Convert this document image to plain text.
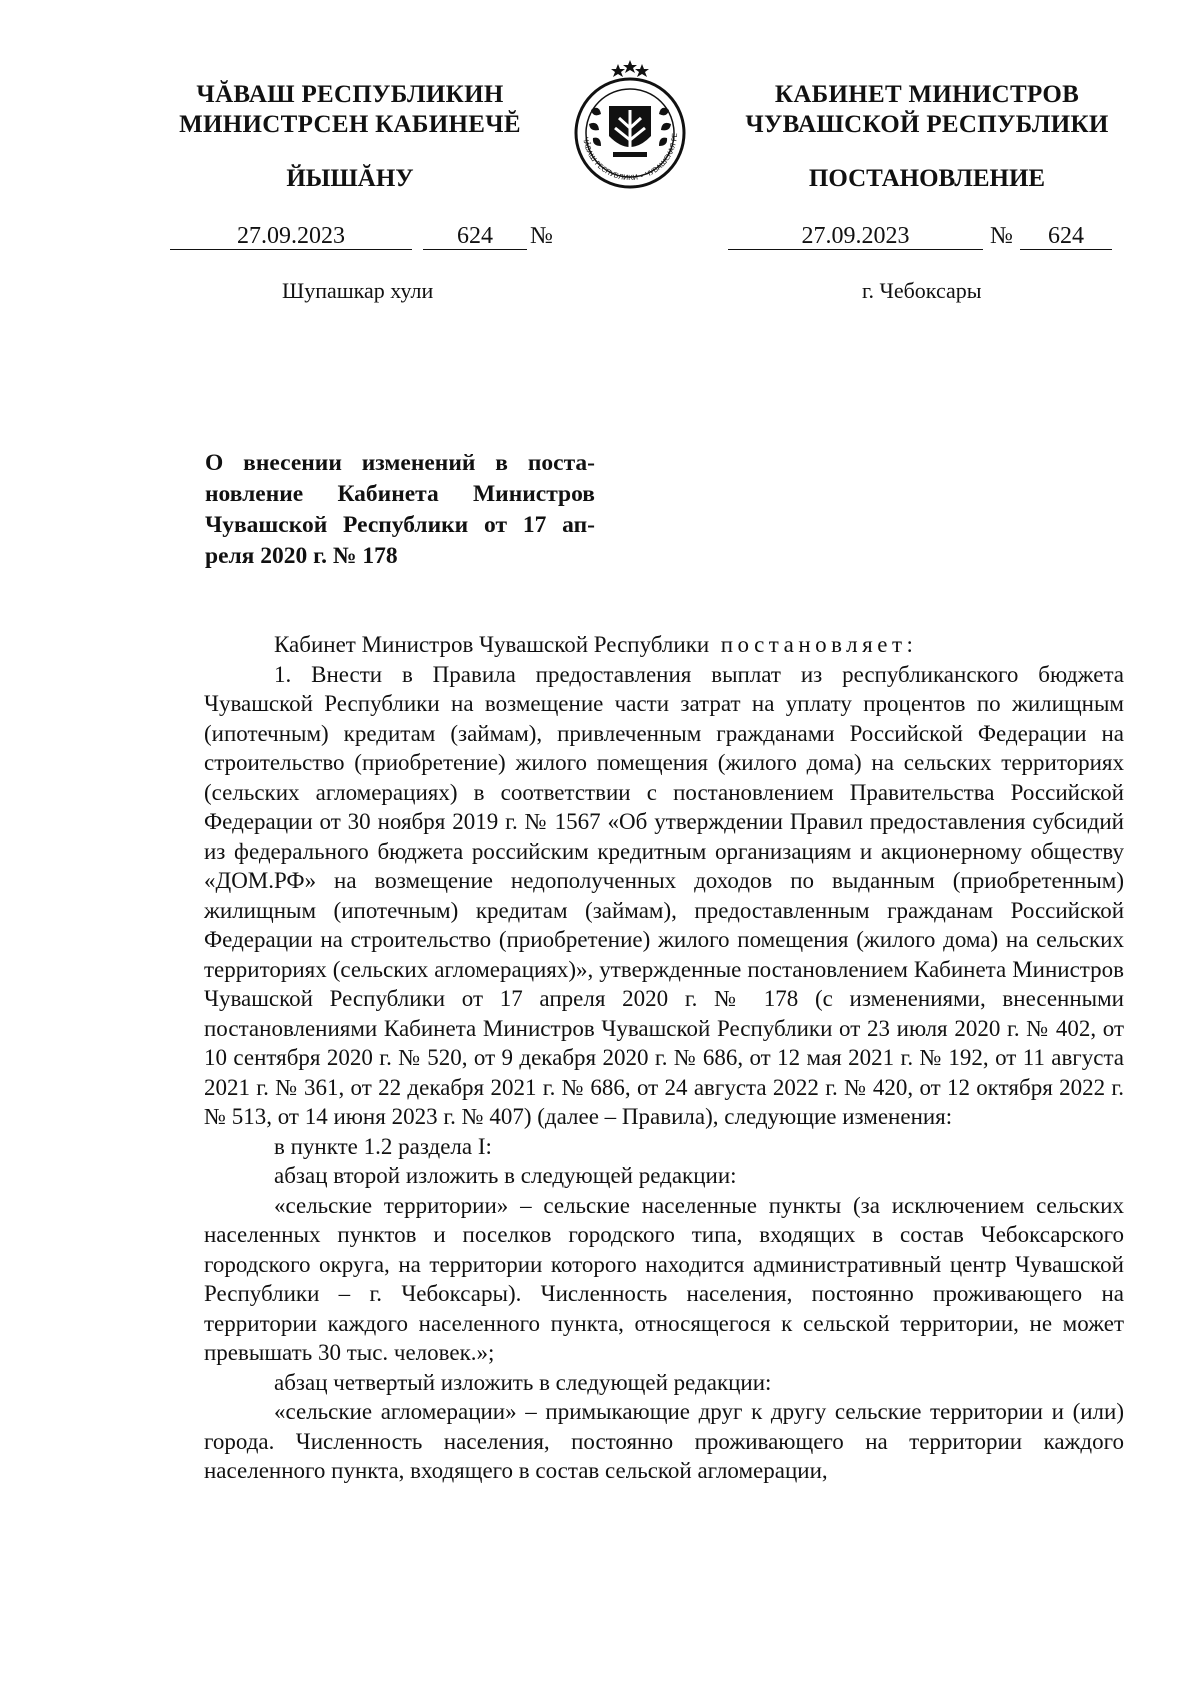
ЧĂВАШ РЕСПУБЛИКИН
МИНИСТРСЕН КАБИНЕЧĔ
ЙЫШĂНУ
ЧĂВАШ РЕСПУБЛИКИ • ЧУВАШСКАЯ РЕ
КАБИНЕТ МИНИСТРОВ
ЧУВАШСКОЙ РЕСПУБЛИКИ
ПОСТАНОВЛЕНИЕ
27.09.2023	624	№	27.09.2023	№	624
Шупашкар хули	г. Чебоксары
О внесении изменений в поста-
новление Кабинета Министров
Чувашской Республики от 17 ап-
реля 2020 г. № 178

Кабинет Министров Чувашской Республики постановляет:

1. Внести в Правила предоставления выплат из республиканского бюджета Чувашской Республики на возмещение части затрат на уплату процентов по жилищным (ипотечным) кредитам (займам), привлеченным гражданами Российской Федерации на строительство (приобретение) жилого помещения (жилого дома) на сельских территориях (сельских агломерациях) в соответствии с постановлением Правительства Российской Федерации от 30 ноября 2019 г. № 1567 «Об утверждении Правил предоставления субсидий из федерального бюджета российским кредитным организациям и акционерному обществу «ДОМ.РФ» на возмещение недополученных доходов по выданным (приобретенным) жилищным (ипотечным) кредитам (займам), предоставленным гражданам Российской Федерации на строительство (приобретение) жилого помещения (жилого дома) на сельских территориях (сельских агломерациях)», утвержденные постановлением Кабинета Министров Чувашской Республики от 17 апреля 2020 г. № 178 (с изменениями, внесенными постановлениями Кабинета Министров Чувашской Республики от 23 июля 2020 г. № 402, от 10 сентября 2020 г. № 520, от 9 декабря 2020 г. № 686, от 12 мая 2021 г. № 192, от 11 августа 2021 г. № 361, от 22 декабря 2021 г. № 686, от 24 августа 2022 г. № 420, от 12 октября 2022 г. № 513, от 14 июня 2023 г. № 407) (далее – Правила), следующие изменения:

в пункте 1.2 раздела I:

абзац второй изложить в следующей редакции:

«сельские территории» – сельские населенные пункты (за исключением сельских населенных пунктов и поселков городского типа, входящих в состав Чебоксарского городского округа, на территории которого находится административный центр Чувашской Республики – г. Чебоксары). Численность населения, постоянно проживающего на территории каждого населенного пункта, относящегося к сельской территории, не может превышать 30 тыс. человек.»;

абзац четвертый изложить в следующей редакции:

«сельские агломерации» – примыкающие друг к другу сельские территории и (или) города. Численность населения, постоянно проживающего на территории каждого населенного пункта, входящего в состав сельской агломерации,
